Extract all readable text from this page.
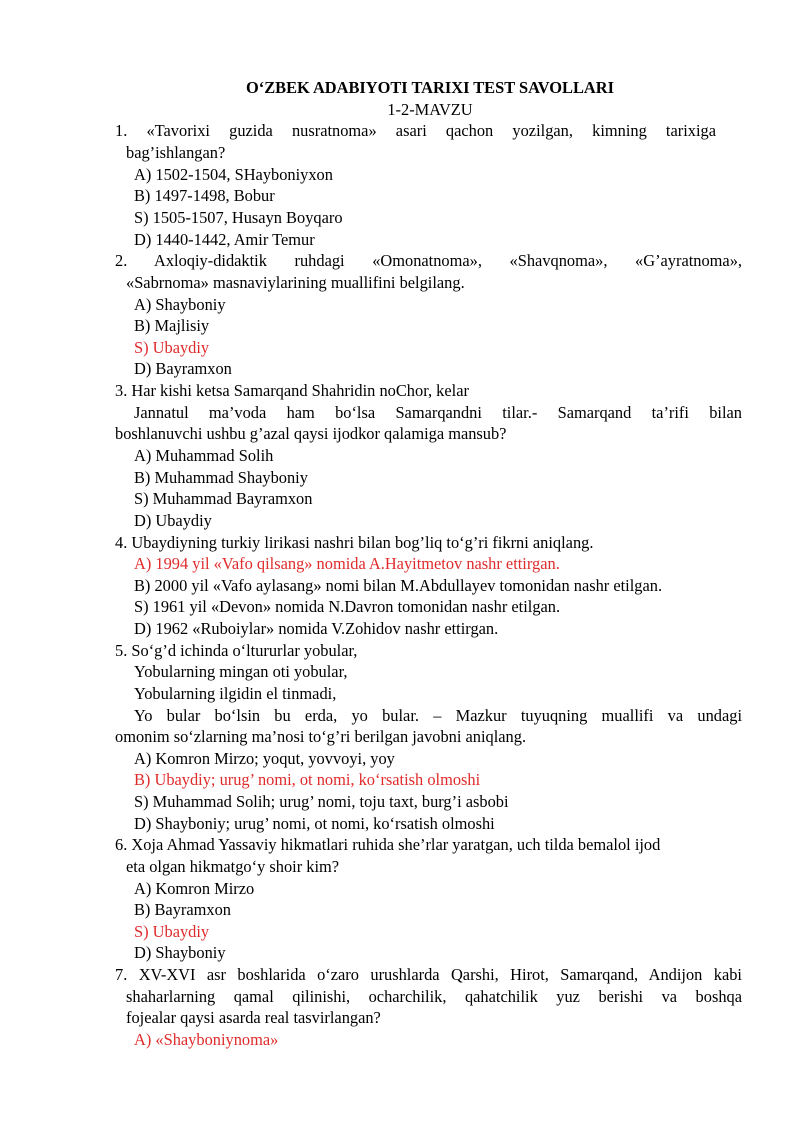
O‘ZBEK ADABIYOTI TARIXI TEST SAVOLLARI
1-2-MAVZU
1. «Tavorixi guzida nusratnoma» asari qachon yozilgan, kimning tarixiga
bag’ishlangan?
A) 1502-1504, SHayboniyxon
B) 1497-1498, Bobur
S) 1505-1507, Husayn Boyqaro
D) 1440-1442, Amir Temur
2. Axloqiy-didaktik ruhdagi «Omonatnoma», «Shavqnoma», «G’ayratnoma»,
«Sabrnoma» masnaviylarining muallifini belgilang.
A) Shayboniy
B) Majlisiy
S) Ubaydiy
D) Bayramxon
3. Har kishi ketsa Samarqand Shahridin noChor, kelar
Jannatul ma’voda ham bo‘lsa Samarqandni tilar.- Samarqand ta’rifi bilan
boshlanuvchi ushbu g’azal qaysi ijodkor qalamiga mansub?
A) Muhammad Solih
B) Muhammad Shayboniy
S) Muhammad Bayramxon
D) Ubaydiy
4. Ubaydiyning turkiy lirikasi nashri bilan bog’liq to‘g’ri fikrni aniqlang.
A) 1994 yil «Vafo qilsang» nomida A.Hayitmetov nashr ettirgan.
B) 2000 yil «Vafo aylasang» nomi bilan M.Abdullayev tomonidan nashr etilgan.
S) 1961 yil «Devon» nomida N.Davron tomonidan nashr etilgan.
D) 1962 «Ruboiylar» nomida V.Zohidov nashr ettirgan.
5. So‘g’d ichinda o‘ltururlar yobular,
Yobularning mingan oti yobular,
Yobularning ilgidin el tinmadi,
Yo bular bo‘lsin bu erda, yo bular. – Mazkur tuyuqning muallifi va undagi
omonim so‘zlarning ma’nosi to‘g’ri berilgan javobni aniqlang.
A) Komron Mirzo; yoqut, yovvoyi, yoy
B) Ubaydiy; urug’ nomi, ot nomi, ko‘rsatish olmoshi
S) Muhammad Solih; urug’ nomi, toju taxt, burg’i asbobi
D) Shayboniy; urug’ nomi, ot nomi, ko‘rsatish olmoshi
6. Xoja Ahmad Yassaviy hikmatlari ruhida she’rlar yaratgan, uch tilda bemalol ijod
eta olgan hikmatgo‘y shoir kim?
A) Komron Mirzo
B) Bayramxon
S) Ubaydiy
D) Shayboniy
7. XV-XVI asr boshlarida o‘zaro urushlarda Qarshi, Hirot, Samarqand, Andijon kabi
shaharlarning qamal qilinishi, ocharchilik, qahatchilik yuz berishi va boshqa
fojealar qaysi asarda real tasvirlangan?
A) «Shayboniynoma»
